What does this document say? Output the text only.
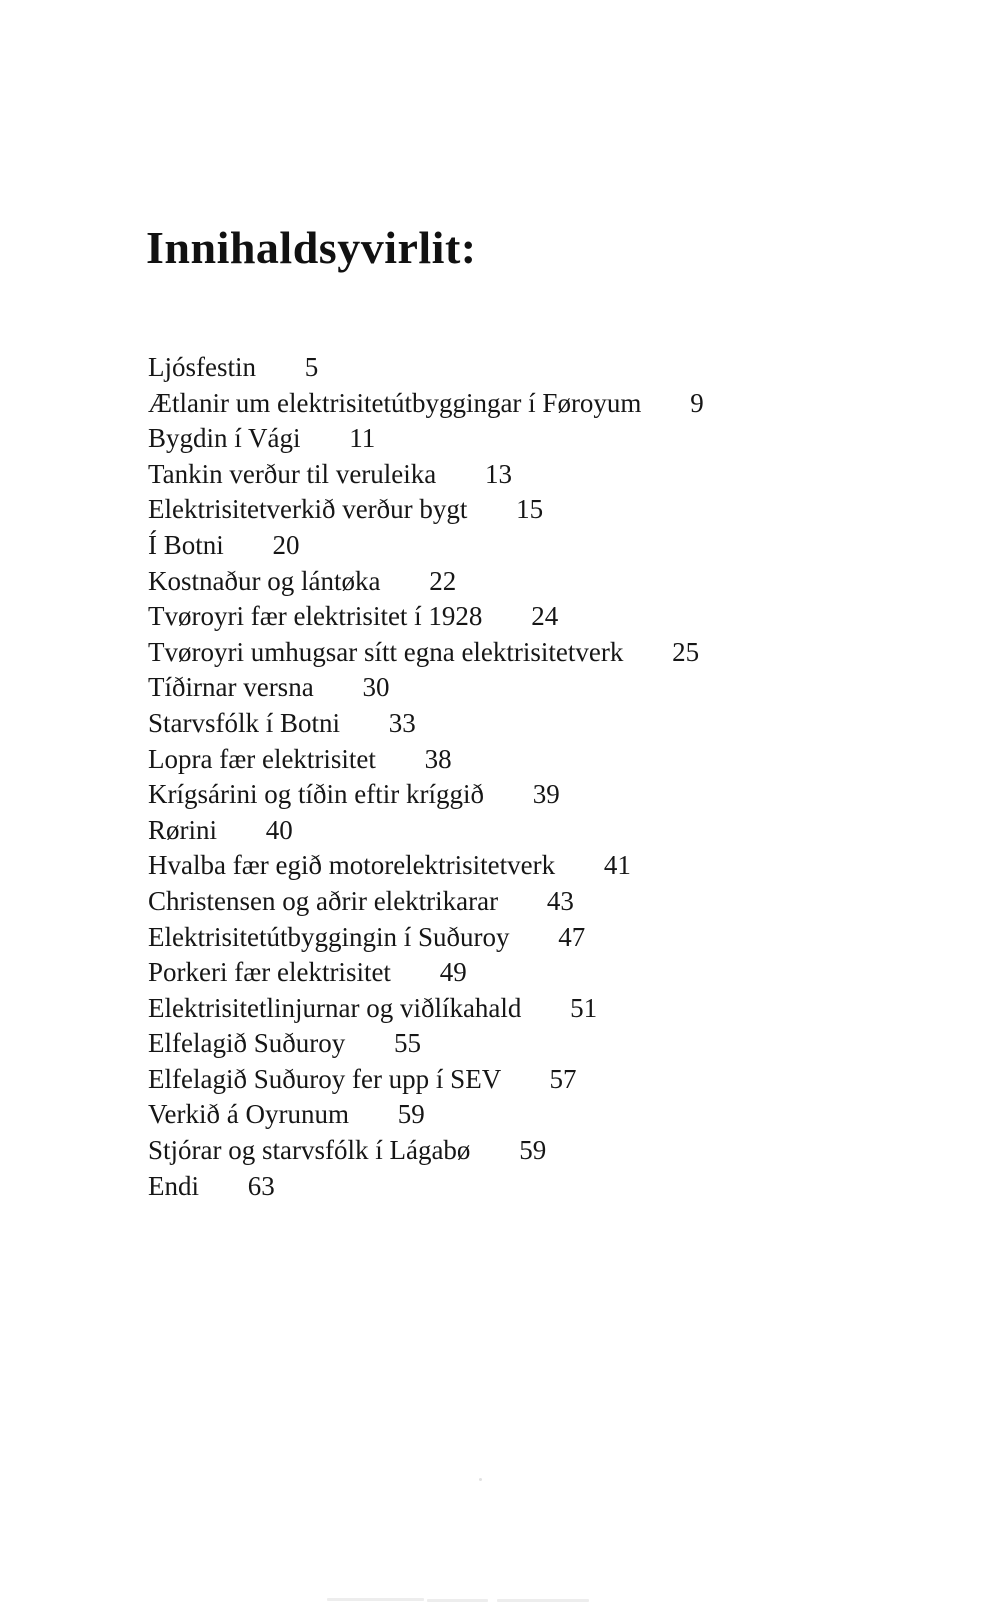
Innihaldsyvirlit:
Ljósfestin 5
Ætlanir um elektrisitetútbyggingar í Føroyum 9
Bygdin í Vági 11
Tankin verður til veruleika 13
Elektrisitetverkið verður bygt 15
Í Botni 20
Kostnaður og lántøka 22
Tvøroyri fær elektrisitet í 1928 24
Tvøroyri umhugsar sítt egna elektrisitetverk 25
Tíðirnar versna 30
Starvsfólk í Botni 33
Lopra fær elektrisitet 38
Krígsárini og tíðin eftir kríggið 39
Rørini 40
Hvalba fær egið motorelektrisitetverk 41
Christensen og aðrir elektrikarar 43
Elektrisitetútbyggingin í Suðuroy 47
Porkeri fær elektrisitet 49
Elektrisitetlinjurnar og viðlíkahald 51
Elfelagið Suðuroy 55
Elfelagið Suðuroy fer upp í SEV 57
Verkið á Oyrunum 59
Stjórar og starvsfólk í Lágabø 59
Endi 63
